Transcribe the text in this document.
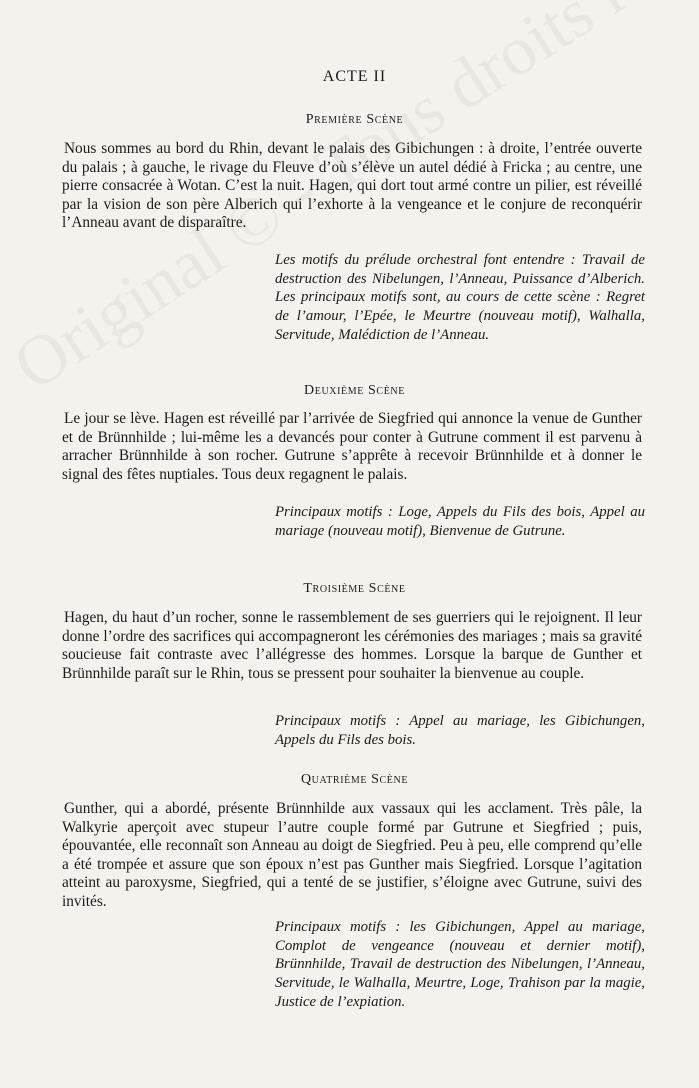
ACTE II
Première Scène

Nous sommes au bord du Rhin, devant le palais des Gibichungen : à droite, l’entrée ouverte du palais ; à gauche, le rivage du Fleuve d’où s’élève un autel dédié à Fricka ; au centre, une pierre consacrée à Wotan. C’est la nuit. Hagen, qui dort tout armé contre un pilier, est réveillé par la vision de son père Alberich qui l’exhorte à la vengeance et le conjure de reconquérir l’Anneau avant de disparaître.

Les motifs du prélude orchestral font entendre : Travail de destruction des Nibelungen, l’Anneau, Puissance d’Alberich. Les principaux motifs sont, au cours de cette scène : Regret de l’amour, l’Epée, le Meurtre (nouveau motif), Walhalla, Servitude, Malédiction de l’Anneau.

Deuxième Scène

Le jour se lève. Hagen est réveillé par l’arrivée de Siegfried qui annonce la venue de Gunther et de Brünnhilde ; lui-même les a devancés pour conter à Gutrune comment il est parvenu à arracher Brünnhilde à son rocher. Gutrune s’apprête à recevoir Brünnhilde et à donner le signal des fêtes nuptiales. Tous deux regagnent le palais.

Principaux motifs : Loge, Appels du Fils des bois, Appel au mariage (nouveau motif), Bienvenue de Gutrune.

Troisième Scène

Hagen, du haut d’un rocher, sonne le rassemblement de ses guerriers qui le rejoignent. Il leur donne l’ordre des sacrifices qui accompagneront les cérémonies des mariages ; mais sa gravité soucieuse fait contraste avec l’allégresse des hommes. Lorsque la barque de Gunther et Brünnhilde paraît sur le Rhin, tous se pressent pour souhaiter la bienvenue au couple.

Principaux motifs : Appel au mariage, les Gibichungen, Appels du Fils des bois.

Quatrième Scène

Gunther, qui a abordé, présente Brünnhilde aux vassaux qui les acclament. Très pâle, la Walkyrie aperçoit avec stupeur l’autre couple formé par Gutrune et Siegfried ; puis, épouvantée, elle reconnaît son Anneau au doigt de Siegfried. Peu à peu, elle comprend qu’elle a été trompée et assure que son époux n’est pas Gunther mais Siegfried. Lorsque l’agitation atteint au paroxysme, Siegfried, qui a tenté de se justifier, s’éloigne avec Gutrune, suivi des invités.

Principaux motifs : les Gibichungen, Appel au mariage, Complot de vengeance (nouveau et dernier motif), Brünnhilde, Travail de destruction des Nibelungen, l’Anneau, Servitude, le Walhalla, Meurtre, Loge, Trahison par la magie, Justice de l’expiation.
